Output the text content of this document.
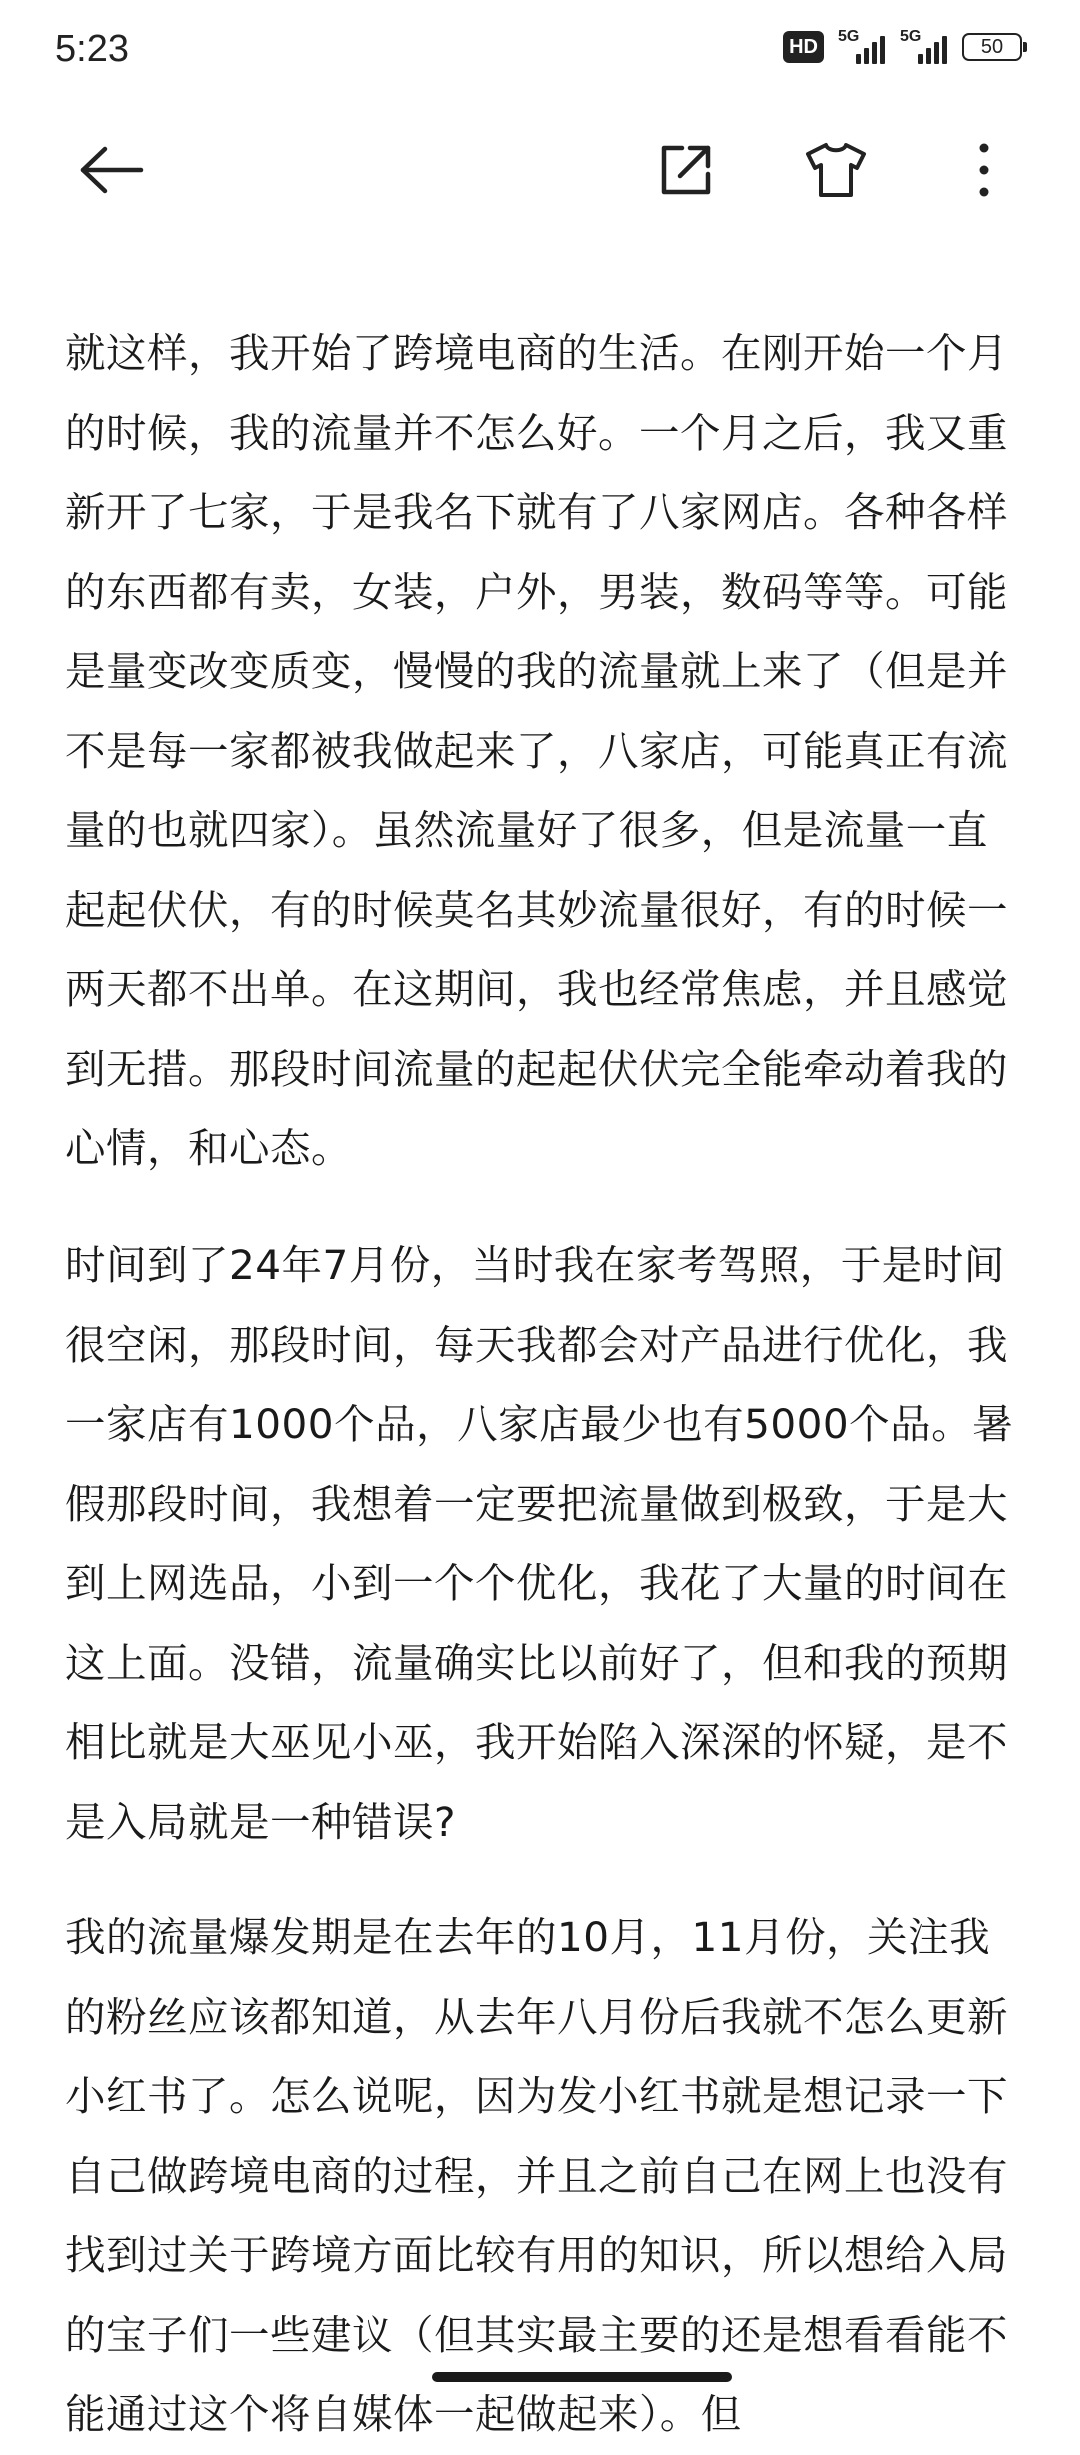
5:23	HD	5G	5G	50

就这样，我开始了跨境电商的生活。在刚开始一个月的时候，我的流量并不怎么好。一个月之后，我又重新开了七家，于是我名下就有了八家网店。各种各样的东西都有卖，女装，户外，男装，数码等等。可能是量变改变质变，慢慢的我的流量就上来了（但是并不是每一家都被我做起来了，八家店，可能真正有流量的也就四家）。虽然流量好了很多，但是流量一直起起伏伏，有的时候莫名其妙流量很好，有的时候一两天都不出单。在这期间，我也经常焦虑，并且感觉到无措。那段时间流量的起起伏伏完全能牵动着我的心情，和心态。

时间到了24年7月份，当时我在家考驾照，于是时间很空闲，那段时间，每天我都会对产品进行优化，我一家店有1000个品，八家店最少也有5000个品。暑假那段时间，我想着一定要把流量做到极致，于是大到上网选品，小到一个个优化，我花了大量的时间在这上面。没错，流量确实比以前好了，但和我的预期相比就是大巫见小巫，我开始陷入深深的怀疑，是不是入局就是一种错误?

我的流量爆发期是在去年的10月，11月份，关注我的粉丝应该都知道，从去年八月份后我就不怎么更新小红书了。怎么说呢，因为发小红书就是想记录一下自己做跨境电商的过程，并且之前自己在网上也没有找到过关于跨境方面比较有用的知识，所以想给入局的宝子们一些建议（但其实最主要的还是想看看能不能通过这个将自媒体一起做起来）。但
